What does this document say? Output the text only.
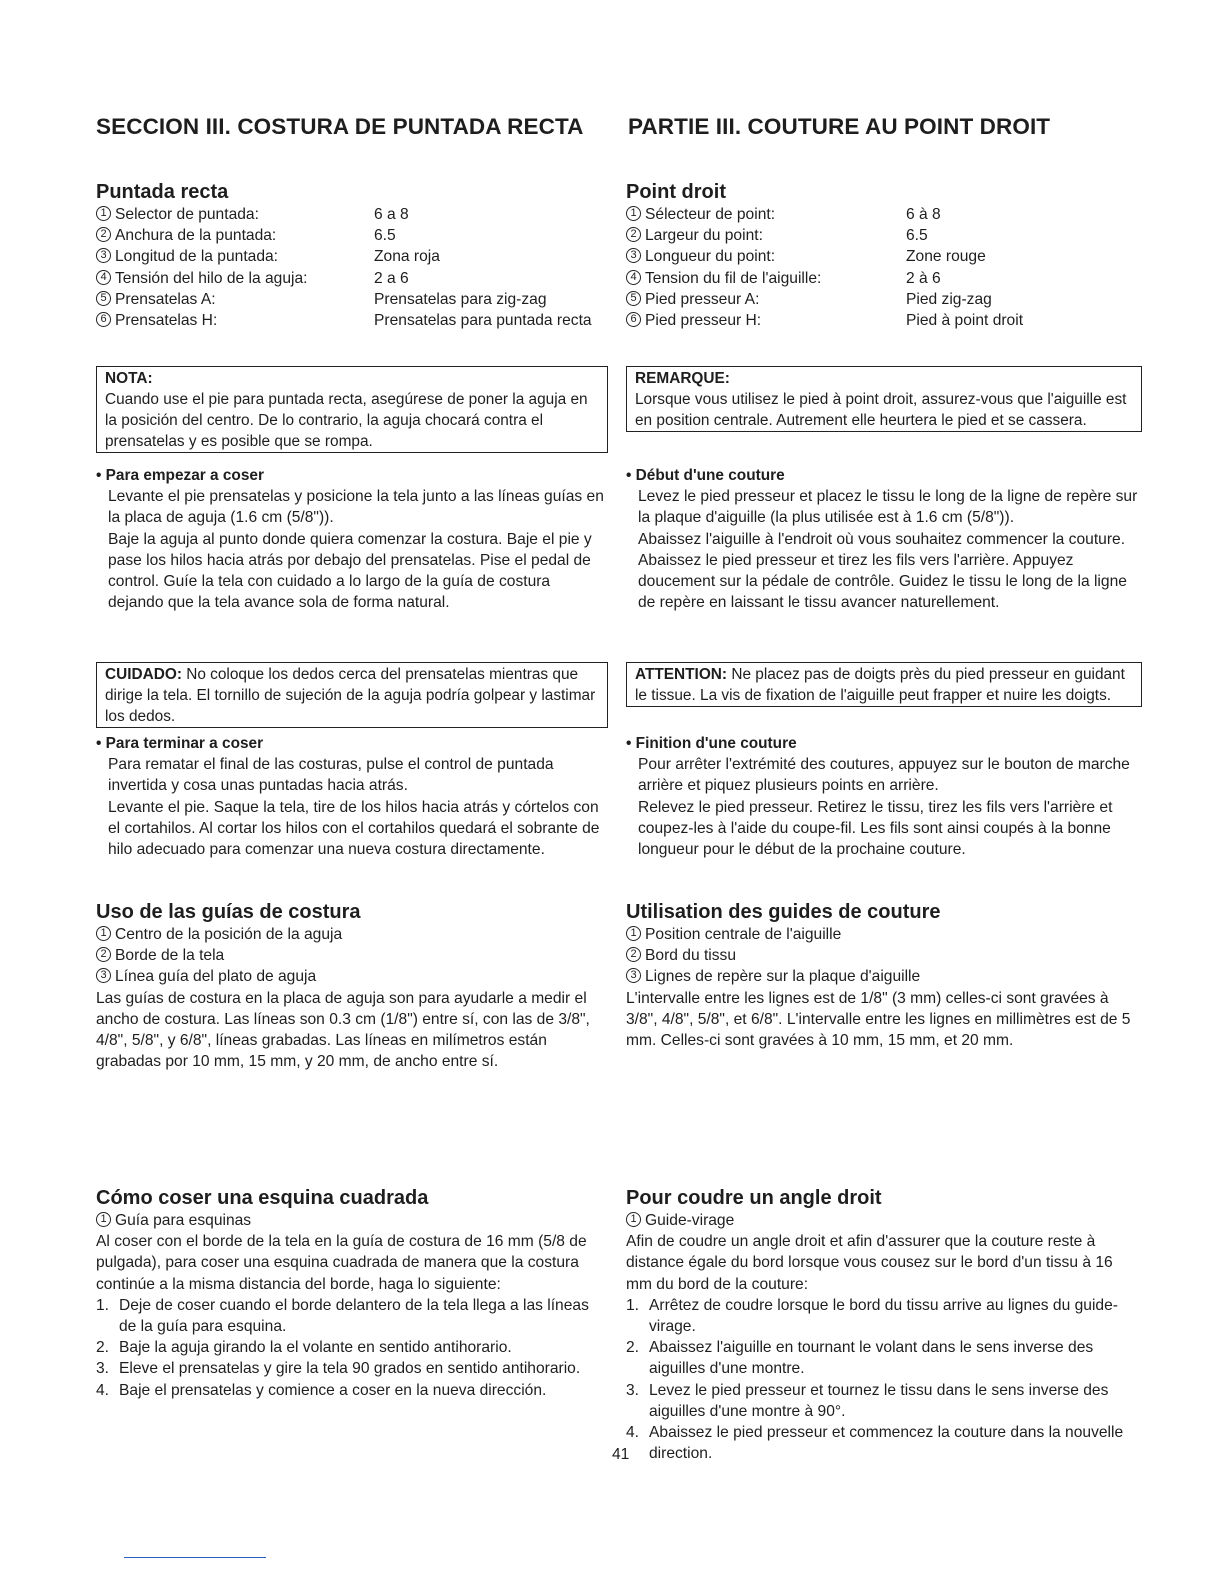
SECCION III. COSTURA DE PUNTADA RECTA PARTIE III. COUTURE AU POINT DROIT
Puntada recta
1 Selector de puntada:	6 a 8
2 Anchura de la puntada:	6.5
3 Longitud de la puntada:	Zona roja
4 Tensión del hilo de la aguja:	2 a 6
5 Prensatelas A:	Prensatelas para zig-zag
6 Prensatelas H:	Prensatelas para puntada recta
NOTA:
Cuando use el pie para puntada recta, asegúrese de poner la aguja en la posición del centro. De lo contrario, la aguja chocará contra el prensatelas y es posible que se rompa.
• Para empezar a coser
Levante el pie prensatelas y posicione la tela junto a las líneas guías en la placa de aguja (1.6 cm (5/8")).
Baje la aguja al punto donde quiera comenzar la costura. Baje el pie y pase los hilos hacia atrás por debajo del prensatelas. Pise el pedal de control. Guíe la tela con cuidado a lo largo de la guía de costura dejando que la tela avance sola de forma natural.
CUIDADO: No coloque los dedos cerca del prensatelas mientras que dirige la tela. El tornillo de sujeción de la aguja podría golpear y lastimar los dedos.
• Para terminar a coser
Para rematar el final de las costuras, pulse el control de puntada invertida y cosa unas puntadas hacia atrás.
Levante el pie. Saque la tela, tire de los hilos hacia atrás y córtelos con el cortahilos. Al cortar los hilos con el cortahilos quedará el sobrante de hilo adecuado para comenzar una nueva costura directamente.
Uso de las guías de costura
1 Centro de la posición de la aguja
2 Borde de la tela
3 Línea guía del plato de aguja
Las guías de costura en la placa de aguja son para ayudarle a medir el ancho de costura. Las líneas son 0.3 cm (1/8") entre sí, con las de 3/8", 4/8", 5/8", y 6/8", líneas grabadas. Las líneas en milímetros están grabadas por 10 mm, 15 mm, y 20 mm, de ancho entre sí.
Cómo coser una esquina cuadrada
1 Guía para esquinas
Al coser con el borde de la tela en la guía de costura de 16 mm (5/8 de pulgada), para coser una esquina cuadrada de manera que la costura continúe a la misma distancia del borde, haga lo siguiente:
1. Deje de coser cuando el borde delantero de la tela llega a las líneas de la guía para esquina.
2. Baje la aguja girando la el volante en sentido antihorario.
3. Eleve el prensatelas y gire la tela 90 grados en sentido antihorario.
4. Baje el prensatelas y comience a coser en la nueva dirección.
Point droit
1 Sélecteur de point:	6 à 8
2 Largeur du point:	6.5
3 Longueur du point:	Zone rouge
4 Tension du fil de l'aiguille:	2 à 6
5 Pied presseur A:	Pied zig-zag
6 Pied presseur H:	Pied à point droit
REMARQUE:
Lorsque vous utilisez le pied à point droit, assurez-vous que l'aiguille est en position centrale. Autrement elle heurtera le pied et se cassera.
• Début d'une couture
Levez le pied presseur et placez le tissu le long de la ligne de repère sur la plaque d'aiguille (la plus utilisée est à 1.6 cm (5/8")).
Abaissez l'aiguille à l'endroit où vous souhaitez commencer la couture. Abaissez le pied presseur et tirez les fils vers l'arrière. Appuyez doucement sur la pédale de contrôle. Guidez le tissu le long de la ligne de repère en laissant le tissu avancer naturellement.
ATTENTION: Ne placez pas de doigts près du pied presseur en guidant le tissue. La vis de fixation de l'aiguille peut frapper et nuire les doigts.
• Finition d'une couture
Pour arrêter l'extrémité des coutures, appuyez sur le bouton de marche arrière et piquez plusieurs points en arrière.
Relevez le pied presseur. Retirez le tissu, tirez les fils vers l'arrière et coupez-les à l'aide du coupe-fil. Les fils sont ainsi coupés à la bonne longueur pour le début de la prochaine couture.
Utilisation des guides de couture
1 Position centrale de l'aiguille
2 Bord du tissu
3 Lignes de repère sur la plaque d'aiguille
L'intervalle entre les lignes est de 1/8" (3 mm) celles-ci sont gravées à 3/8", 4/8", 5/8", et 6/8". L'intervalle entre les lignes en millimètres est de 5 mm. Celles-ci sont gravées à 10 mm, 15 mm, et 20 mm.
Pour coudre un angle droit
1 Guide-virage
Afin de coudre un angle droit et afin d'assurer que la couture reste à distance égale du bord lorsque vous cousez sur le bord d'un tissu à 16 mm du bord de la couture:
1. Arrêtez de coudre lorsque le bord du tissu arrive au lignes du guide-virage.
2. Abaissez l'aiguille en tournant le volant dans le sens inverse des aiguilles d'une montre.
3. Levez le pied presseur et tournez le tissu dans le sens inverse des aiguilles d'une montre à 90°.
4. Abaissez le pied presseur et commencez la couture dans la nouvelle direction.
41
